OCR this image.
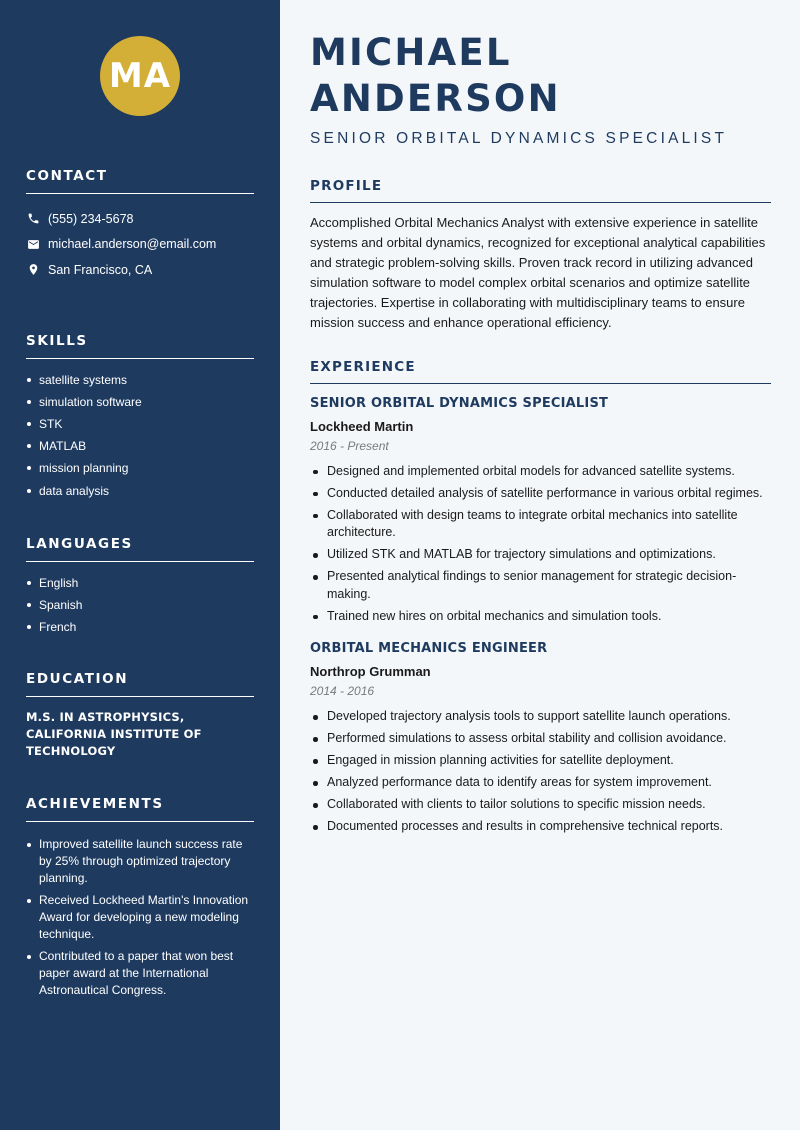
MA
CONTACT
(555) 234-5678
michael.anderson@email.com
San Francisco, CA
SKILLS
satellite systems
simulation software
STK
MATLAB
mission planning
data analysis
LANGUAGES
English
Spanish
French
EDUCATION

M.S. IN ASTROPHYSICS, CALIFORNIA INSTITUTE OF TECHNOLOGY

ACHIEVEMENTS
Improved satellite launch success rate by 25% through optimized trajectory planning.
Received Lockheed Martin's Innovation Award for developing a new modeling technique.
Contributed to a paper that won best paper award at the International Astronautical Congress.
MICHAEL ANDERSON
SENIOR ORBITAL DYNAMICS SPECIALIST
PROFILE

Accomplished Orbital Mechanics Analyst with extensive experience in satellite systems and orbital dynamics, recognized for exceptional analytical capabilities and strategic problem-solving skills. Proven track record in utilizing advanced simulation software to model complex orbital scenarios and optimize satellite trajectories. Expertise in collaborating with multidisciplinary teams to ensure mission success and enhance operational efficiency.

EXPERIENCE
SENIOR ORBITAL DYNAMICS SPECIALIST
Lockheed Martin
2016 - Present
Designed and implemented orbital models for advanced satellite systems.
Conducted detailed analysis of satellite performance in various orbital regimes.
Collaborated with design teams to integrate orbital mechanics into satellite architecture.
Utilized STK and MATLAB for trajectory simulations and optimizations.
Presented analytical findings to senior management for strategic decision-making.
Trained new hires on orbital mechanics and simulation tools.
ORBITAL MECHANICS ENGINEER
Northrop Grumman
2014 - 2016
Developed trajectory analysis tools to support satellite launch operations.
Performed simulations to assess orbital stability and collision avoidance.
Engaged in mission planning activities for satellite deployment.
Analyzed performance data to identify areas for system improvement.
Collaborated with clients to tailor solutions to specific mission needs.
Documented processes and results in comprehensive technical reports.
